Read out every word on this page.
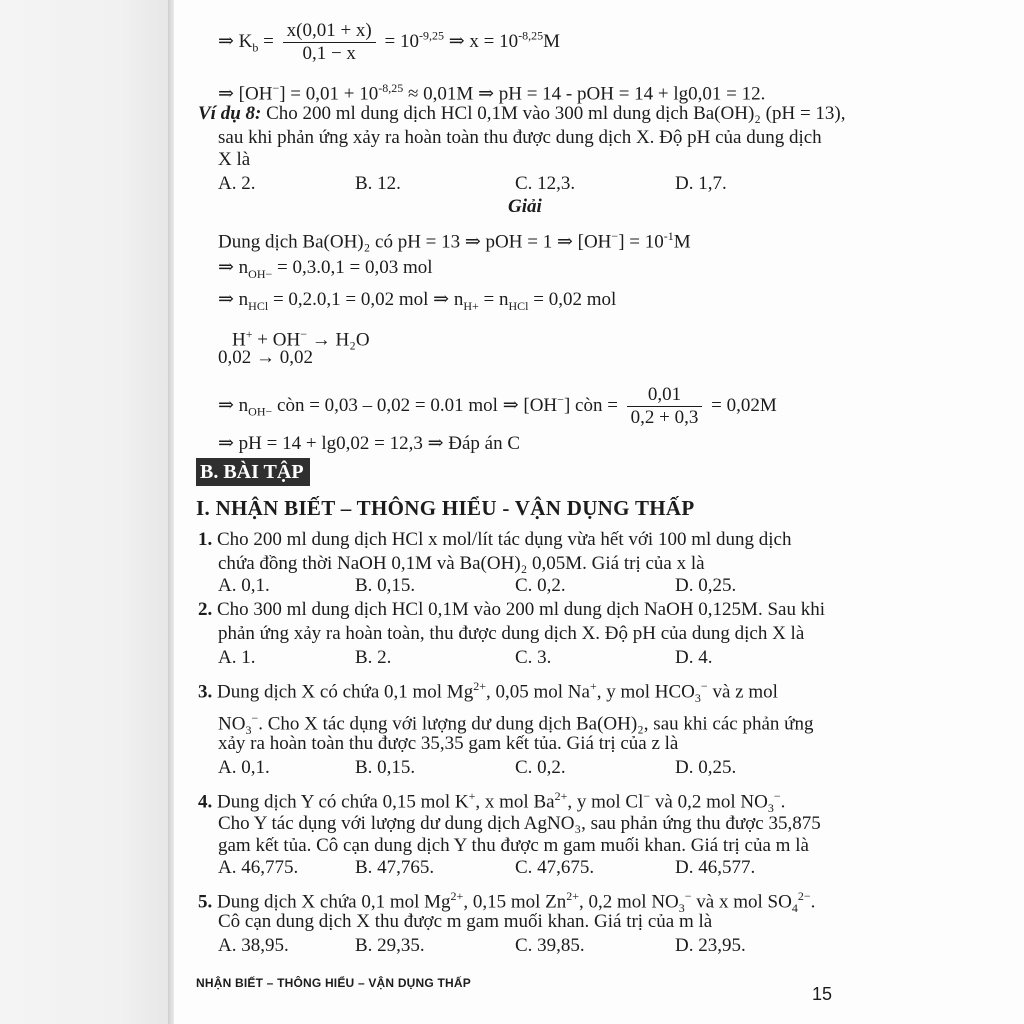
⇒ $K_b = \frac{x(0,01 + x)}{0,1 - x} = 10^{-9,25}$ ⇒ $x = 10^{-8,25}M$
⇒ $[OH^-] = 0,01 + 10^{-8,25} \approx 0,01M$ ⇒ pH = 14 - pOH = 14 + lg0,01 = 12.
Ví dụ 8: Cho 200 ml dung dịch HCl 0,1M vào 300 ml dung dịch Ba(OH)₂ (pH = 13),
sau khi phản ứng xảy ra hoàn toàn thu được dung dịch X. Độ pH của dung dịch
X là
A. 2.	B. 12.	C. 12,3.	D. 1,7.
Giải
Dung dịch Ba(OH)₂ có pH = 13 ⇒ pOH = 1 ⇒ $[OH^-] = 10^{-1}M$
⇒ $n_{OH-} = 0,3.0,1 = 0,03$ mol
⇒ $n_{HCl} = 0,2.0,1 = 0,02$ mol ⇒ $n_{H+} = n_{HCl} = 0,02$ mol
H+ + OH− → H₂O
0,02 → 0,02
⇒ $n_{OH-}$ còn = 0,03 – 0,02 = 0.01 mol ⇒ [OH−] còn = $\frac{0,01}{0,2 + 0,3} = 0,02M$
⇒ pH = 14 + lg0,02 = 12,3 ⇒ Đáp án C
B. BÀI TẬP
I. NHẬN BIẾT – THÔNG HIỂU - VẬN DỤNG THẤP
1. Cho 200 ml dung dịch HCl x mol/lít tác dụng vừa hết với 100 ml dung dịch
chứa đồng thời NaOH 0,1M và Ba(OH)₂ 0,05M. Giá trị của x là
A. 0,1.	B. 0,15.	C. 0,2.	D. 0,25.
2. Cho 300 ml dung dịch HCl 0,1M vào 200 ml dung dịch NaOH 0,125M. Sau khi
phản ứng xảy ra hoàn toàn, thu được dung dịch X. Độ pH của dung dịch X là
A. 1.	B. 2.	C. 3.	D. 4.
3. Dung dịch X có chứa 0,1 mol $Mg^{2+}$, 0,05 mol Na+, y mol $HCO_3^-$ và z mol
$NO_3^-$. Cho X tác dụng với lượng dư dung dịch Ba(OH)₂, sau khi các phản ứng
xảy ra hoàn toàn thu được 35,35 gam kết tủa. Giá trị của z là
A. 0,1.	B. 0,15.	C. 0,2.	D. 0,25.
4. Dung dịch Y có chứa 0,15 mol K+, x mol $Ba^{2+}$, y mol Cl− và 0,2 mol $NO_3^-$.
Cho Y tác dụng với lượng dư dung dịch AgNO₃, sau phản ứng thu được 35,875
gam kết tủa. Cô cạn dung dịch Y thu được m gam muối khan. Giá trị của m là
A. 46,775.	B. 47,765.	C. 47,675.	D. 46,577.
5. Dung dịch X chứa 0,1 mol $Mg^{2+}$, 0,15 mol $Zn^{2+}$, 0,2 mol $NO_3^-$ và x mol $SO_4^{2-}$.
Cô cạn dung dịch X thu được m gam muối khan. Giá trị của m là
A. 38,95.	B. 29,35.	C. 39,85.	D. 23,95.
NHẬN BIẾT – THÔNG HIỂU – VẬN DỤNG THẤP
15
